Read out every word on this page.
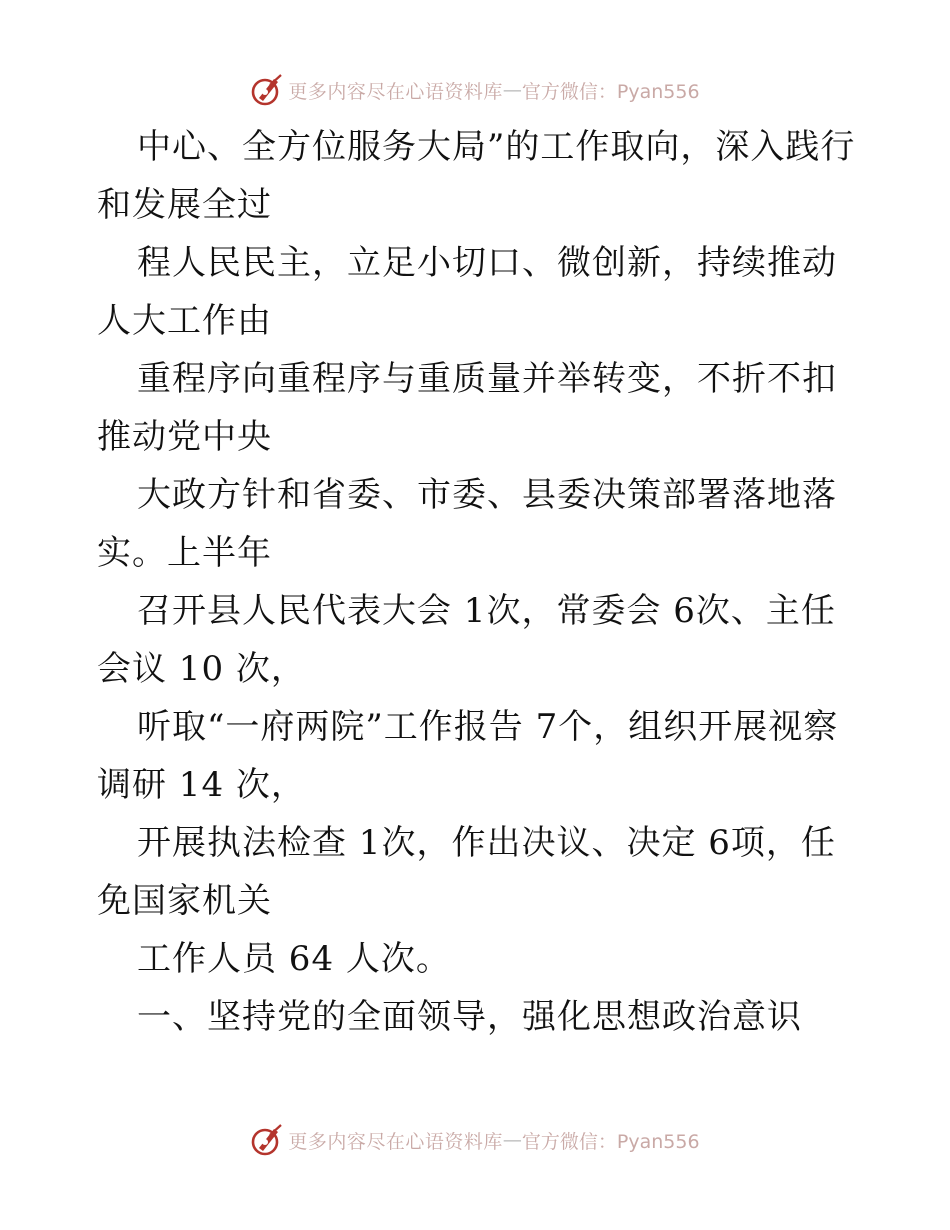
更多内容尽在心语资料库 — 官方微信：Pyan556

中心、全方位服务大局”的工作取向，深入践行和发展全过

程人民民主，立足小切口、微创新，持续推动人大工作由

重程序向重程序与重质量并举转变，不折不扣推动党中央

大政方针和省委、市委、县委决策部署落地落实。上半年

召开县人民代表大会 1次，常委会 6次、主任会议 10 次，

听取“一府两院”工作报告 7个，组织开展视察调研 14 次，

开展执法检查 1次，作出决议、决定 6项，任免国家机关

工作人员 64 人次。

一、坚持党的全面领导，强化思想政治意识

更多内容尽在心语资料库 — 官方微信：Pyan556
